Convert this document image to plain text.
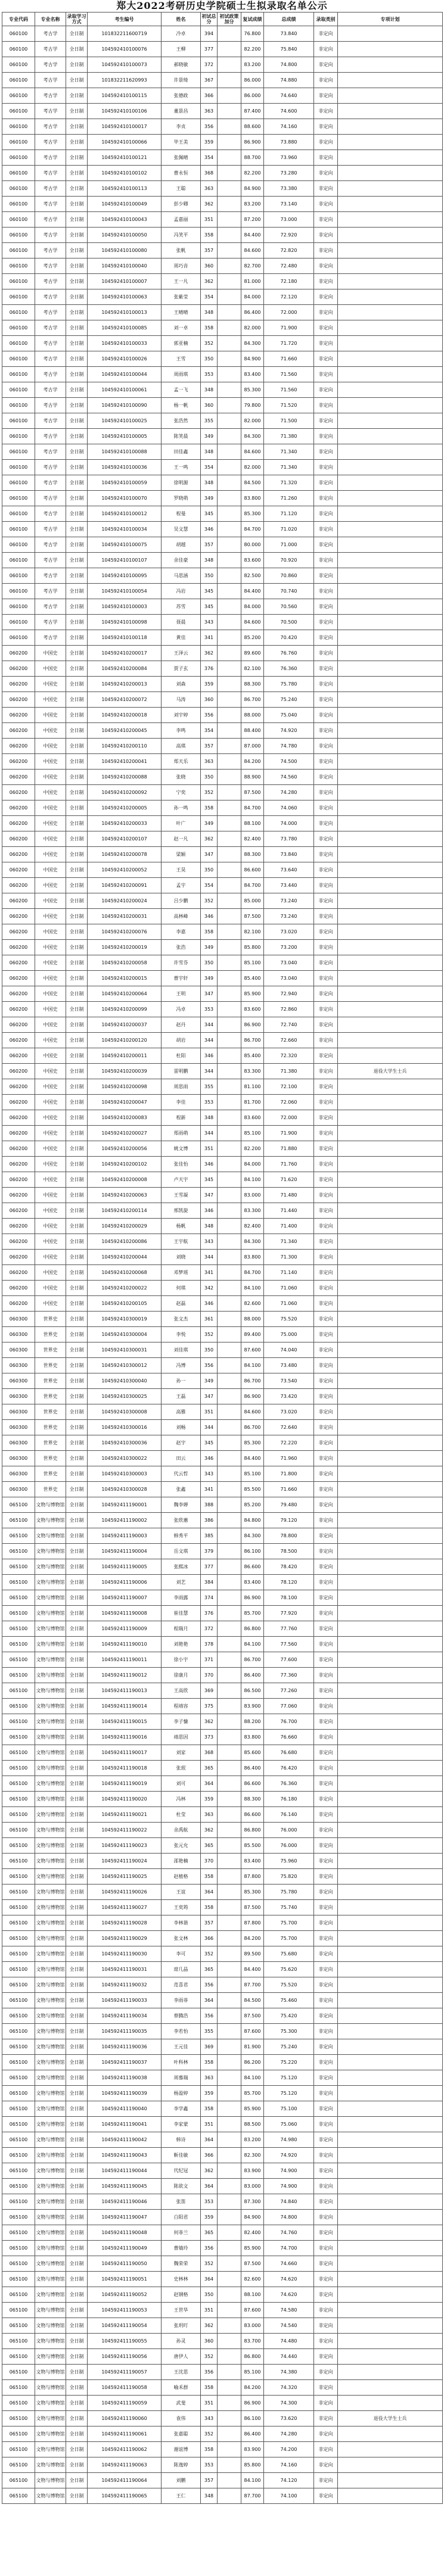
郑大2022考研历史学院硕士生拟录取名单公示
专业代码	专业名称	录取学习方式	考生编号	姓名	初试总分	初试政策加分	复试成绩	总成绩	录取类别	专项计划
060100	考古学	全日制	101832211600719	冷卓	394		76.800	73.840	非定向	
060100	考古学	全日制	104592410100076	王柳	377		82.200	75.840	非定向	
060100	考古学	全日制	104592410100073	郝晓敏	372		83.200	74.800	非定向	
060100	考古学	全日制	101832211620993	许景绮	367		86.000	74.880	非定向	
060100	考古学	全日制	104592410100115	张德政	366		86.000	74.640	非定向	
060100	考古学	全日制	104592410100106	董景昌	363		87.400	74.600	非定向	
060100	考古学	全日制	104592410100017	李贞	356		88.600	74.160	非定向	
060100	考古学	全日制	104592410100066	毕王美	359		86.900	73.880	非定向	
060100	考古学	全日制	104592410100121	张佩晴	354		88.700	73.960	非定向	
060100	考古学	全日制	104592410100102	曹永恒	368		82.200	73.280	非定向	
060100	考古学	全日制	104592410100113	王聪	363		84.900	73.380	非定向	
060100	考古学	全日制	104592410100049	彭少卿	362		83.200	73.140	非定向	
060100	考古学	全日制	104592410100043	孟嘉丽	351		87.200	73.000	非定向	
060100	考古学	全日制	104592410100050	冯笑平	358		84.400	72.920	非定向	
060100	考古学	全日制	104592410100080	张帆	357		84.600	72.820	非定向	
060100	考古学	全日制	104592410100040	周巧音	360		82.700	72.480	非定向	
060100	考古学	全日制	104592410100007	王一凡	362		81.000	72.180	非定向	
060100	考古学	全日制	104592410100063	张紫莹	354		84.000	72.120	非定向	
060100	考古学	全日制	104592410100013	王晴晴	348		86.400	72.000	非定向	
060100	考古学	全日制	104592410100085	刘一卓	358		82.000	71.900	非定向	
060100	考古学	全日制	104592410100033	郭亚楠	352		84.300	71.720	非定向	
060100	考古学	全日制	104592410100026	王雪	350		84.900	71.660	非定向	
060100	考古学	全日制	104592410100044	周雨琪	353		83.400	71.560	非定向	
060100	考古学	全日制	104592410100061	孟一飞	348		85.300	71.560	非定向	
060100	考古学	全日制	104592410100090	杨一帆	360		79.800	71.520	非定向	
060100	考古学	全日制	104592410100025	张浩然	355		82.000	71.500	非定向	
060100	考古学	全日制	104592410100005	陈笑晨	349		84.300	71.380	非定向	
060100	考古学	全日制	104592410100088	田佳鑫	348		84.600	71.340	非定向	
060100	考古学	全日制	104592410100036	王一鸣	354		82.000	71.340	非定向	
060100	考古学	全日制	104592410100059	徐明源	348		84.500	71.320	非定向	
060100	考古学	全日制	104592410100070	罗晓萌	349		83.800	71.260	非定向	
060100	考古学	全日制	104592410100012	程曼	345		85.300	71.120	非定向	
060100	考古学	全日制	104592410100034	吴文慧	346		84.700	71.020	非定向	
060100	考古学	全日制	104592410100075	胡越	357		80.000	71.000	非定向	
060100	考古学	全日制	104592410100107	余佳豪	348		83.600	70.920	非定向	
060100	考古学	全日制	104592410100095	马思涵	350		82.500	70.860	非定向	
060100	考古学	全日制	104592410100054	冯岩	345		84.400	70.740	非定向	
060100	考古学	全日制	104592410100003	苏雪	345		84.000	70.560	非定向	
060100	考古学	全日制	104592410100098	聂晨	343		84.600	70.500	非定向	
060100	考古学	全日制	104592410100118	黄佳	341		85.200	70.420	非定向	
060200	中国史	全日制	104592410200017	王泽云	362		89.600	76.760	非定向	
060200	中国史	全日制	104592410200084	贾子玄	376		82.100	76.360	非定向	
060200	中国史	全日制	104592410200013	刘森	359		88.300	75.780	非定向	
060200	中国史	全日制	104592410200072	马涛	360		86.700	75.240	非定向	
060200	中国史	全日制	104592410200018	刘宇婷	356		88.000	75.040	非定向	
060200	中国史	全日制	104592410200045	李鸣	354		88.400	74.920	非定向	
060200	中国史	全日制	104592410200110	高琪	357		87.000	74.780	非定向	
060200	中国史	全日制	104592410200041	郑天乐	363		84.200	74.500	非定向	
060200	中国史	全日制	104592410200088	张晓	350		88.900	74.560	非定向	
060200	中国史	全日制	104592410200092	宁奕	352		87.500	74.280	非定向	
060200	中国史	全日制	104592410200005	孙一鸣	358		84.700	74.060	非定向	
060200	中国史	全日制	104592410200033	叶广	349		88.100	74.000	非定向	
060200	中国史	全日制	104592410200107	赵一凡	362		82.400	73.780	非定向	
060200	中国史	全日制	104592410200078	梁颖	347		88.300	73.840	非定向	
060200	中国史	全日制	104592410200052	王昊	350		86.600	73.640	非定向	
060200	中国史	全日制	104592410200091	孟宇	354		84.700	73.440	非定向	
060200	中国史	全日制	104592410200024	吕少鹏	352		85.000	73.240	非定向	
060200	中国史	全日制	104592410200031	高林峰	346		87.500	73.240	非定向	
060200	中国史	全日制	104592410200076	李嘉	358		82.100	73.020	非定向	
060200	中国史	全日制	104592410200019	张浩	349		85.800	73.200	非定向	
060200	中国史	全日制	104592410200058	许雪芬	350		85.100	73.040	非定向	
060200	中国史	全日制	104592410200015	曹宇轩	349		85.400	73.040	非定向	
060200	中国史	全日制	104592410200064	王明	347		85.900	72.940	非定向	
060200	中国史	全日制	104592410200099	冯卓	353		83.600	72.860	非定向	
060200	中国史	全日制	104592410200037	赵丹	344		86.900	72.740	非定向	
060200	中国史	全日制	104592410200120	胡岩	344		86.700	72.660	非定向	
060200	中国史	全日制	104592410200011	杜阳	346		85.400	72.320	非定向	
060200	中国史	全日制	104592410200039	雷明鹏	344		83.300	71.380	非定向	退役大学生士兵
060200	中国史	全日制	104592410200098	周思雨	355		81.100	72.100	非定向	
060200	中国史	全日制	104592410200047	李佳	353		81.700	72.060	非定向	
060200	中国史	全日制	104592410200083	程新	348		83.600	72.000	非定向	
060200	中国史	全日制	104592410200027	郑雨萌	344		85.100	71.900	非定向	
060200	中国史	全日制	104592410200056	姚文博	351		82.200	71.880	非定向	
060200	中国史	全日制	104592410200102	张佳怡	346		84.000	71.760	非定向	
060200	中国史	全日制	104592410200008	卢天宇	345		84.100	71.620	非定向	
060200	中国史	全日制	104592410200063	王雪凝	347		83.000	71.480	非定向	
060200	中国史	全日制	104592410200114	邢凯旋	346		83.300	71.440	非定向	
060200	中国史	全日制	104592410200029	杨帆	348		82.400	71.400	非定向	
060200	中国史	全日制	104592410200086	王宇航	343		84.300	71.340	非定向	
060200	中国史	全日制	104592410200044	刘晓	344		83.800	71.300	非定向	
060200	中国史	全日制	104592410200068	邓梦瑶	341		84.700	71.140	非定向	
060200	中国史	全日制	104592410200022	何琪	342		84.100	71.060	非定向	
060200	中国史	全日制	104592410200105	赵磊	346		82.600	71.060	非定向	
060300	世界史	全日制	104592410300019	张文杰	361		88.000	75.520	非定向	
060300	世界史	全日制	104592410300004	李悦	352		89.400	75.000	非定向	
060300	世界史	全日制	104592410300031	刘佳琪	350		87.600	74.040	非定向	
060300	世界史	全日制	104592410300012	冯博	356		84.100	73.480	非定向	
060300	世界史	全日制	104592410300040	孙一	349		86.700	73.540	非定向	
060300	世界史	全日制	104592410300025	王磊	347		86.900	73.420	非定向	
060300	世界史	全日制	104592410300008	高雅	351		84.600	73.020	非定向	
060300	世界史	全日制	104592410300016	刘畅	344		86.700	72.640	非定向	
060300	世界史	全日制	104592410300036	赵宇	345		85.300	72.220	非定向	
060300	世界史	全日制	104592410300022	田云	346		84.400	71.960	非定向	
060300	世界史	全日制	104592410300003	代云哲	343		85.100	71.800	非定向	
060300	世界史	全日制	104592410300028	张鑫	341		85.500	71.660	非定向	
065100	文物与博物馆	全日制	104592411190001	魏李婵	388		85.200	79.480	非定向	
065100	文物与博物馆	全日制	104592411190002	张欣蕙	386		84.800	79.120	非定向	
065100	文物与博物馆	全日制	104592411190003	韩秀平	385		84.300	78.800	非定向	
065100	文物与博物馆	全日制	104592411190004	岳文琪	379		86.100	78.500	非定向	
065100	文物与博物馆	全日制	104592411190005	张熙冰	377		86.600	78.420	非定向	
065100	文物与博物馆	全日制	104592411190006	刘艺	384		83.400	78.120	非定向	
065100	文物与博物馆	全日制	104592411190007	李雨露	374		86.900	78.100	非定向	
065100	文物与博物馆	全日制	104592411190008	崔佳慧	376		85.700	77.920	非定向	
065100	文物与博物馆	全日制	104592411190009	程瑞月	372		86.800	77.760	非定向	
065100	文物与博物馆	全日制	104592411190010	刘艳艳	378		84.100	77.560	非定向	
065100	文物与博物馆	全日制	104592411190011	徐小宇	371		86.700	77.600	非定向	
065100	文物与博物馆	全日制	104592411190012	徐康月	370		86.400	77.360	非定向	
065100	文物与博物馆	全日制	104592411190013	王高欣	369		86.500	77.260	非定向	
065100	文物与博物馆	全日制	104592411190014	程靖容	375		83.900	77.060	非定向	
065100	文物与博物馆	全日制	104592411190015	李子慷	362		88.200	76.700	非定向	
065100	文物与博物馆	全日制	104592411190016	靖思因	373		83.800	76.660	非定向	
065100	文物与博物馆	全日制	104592411190017	刘家	368		85.600	76.680	非定向	
065100	文物与博物馆	全日制	104592411190018	张珉	365		86.400	76.420	非定向	
065100	文物与博物馆	全日制	104592411190019	刘可	364		86.600	76.360	非定向	
065100	文物与博物馆	全日制	104592411190020	冯林	359		88.300	76.180	非定向	
065100	文物与博物馆	全日制	104592411190021	杜莹	363		86.600	76.140	非定向	
065100	文物与博物馆	全日制	104592411190022	余禹航	362		86.800	76.000	非定向	
065100	文物与博物馆	全日制	104592411190023	张元允	365		85.500	76.000	非定向	
065100	文物与博物馆	全日制	104592411190024	邵艳楠	370		83.400	75.960	非定向	
065100	文物与博物馆	全日制	104592411190025	赵植格	358		87.800	75.820	非定向	
065100	文物与博物馆	全日制	104592411190026	王谊	364		85.300	75.780	非定向	
065100	文物与博物馆	全日制	104592411190027	王奕筠	358		87.500	75.740	非定向	
065100	文物与博物馆	全日制	104592411190028	李林谐	357		87.800	75.700	非定向	
065100	文物与博物馆	全日制	104592411190029	张文林	366		84.200	75.700	非定向	
065100	文物与博物馆	全日制	104592411190030	李可	352		89.500	75.680	非定向	
065100	文物与博物馆	全日制	104592411190031	席几晶	365		84.400	75.620	非定向	
065100	文物与博物馆	全日制	104592411190032	范喜君	356		87.700	75.520	非定向	
065100	文物与博物馆	全日制	104592411190033	李雨菲	364		84.500	75.460	非定向	
065100	文物与博物馆	全日制	104592411190034	蔡腾浩	356		87.500	75.420	非定向	
065100	文物与博物馆	全日制	104592411190035	李若怡	355		87.600	75.300	非定向	
065100	文物与博物馆	全日制	104592411190036	王元佳	369		81.900	75.240	非定向	
065100	文物与博物馆	全日制	104592411190037	叶科林	358		86.200	75.220	非定向	
065100	文物与博物馆	全日制	104592411190038	周慕瑞	363		84.100	75.120	非定向	
065100	文物与博物馆	全日制	104592411190039	杨盈婷	359		85.700	75.120	非定向	
065100	文物与博物馆	全日制	104592411190040	李学鑫	358		85.900	75.100	非定向	
065100	文物与博物馆	全日制	104592411190041	李家蒙	351		88.500	75.060	非定向	
065100	文物与博物馆	全日制	104592411190042	韩诗	364		83.200	74.980	非定向	
065100	文物与博物馆	全日制	104592411190043	靳佳敏	366		82.300	74.920	非定向	
065100	文物与博物馆	全日制	104592411190044	代纪冠	362		83.900	74.900	非定向	
065100	文物与博物馆	全日制	104592411190045	陈欲文	364		83.000	74.900	非定向	
065100	文物与博物馆	全日制	104592411190046	张笛	353		87.300	74.840	非定向	
065100	文物与博物馆	全日制	104592411190047	白阳君	359		84.900	74.800	非定向	
065100	文物与博物馆	全日制	104592411190048	何菲兰	365		82.400	74.760	非定向	
065100	文物与博物馆	全日制	104592411190049	曹婧玲	356		85.900	74.700	非定向	
065100	文物与博物馆	全日制	104592411190050	魏荣荣	352		87.500	74.660	非定向	
065100	文物与博物馆	全日制	104592411190051	史林林	364		82.600	74.620	非定向	
065100	文物与博物馆	全日制	104592411190052	赵钢格	350		88.100	74.620	非定向	
065100	文物与博物馆	全日制	104592411190053	王世华	351		87.600	74.580	非定向	
065100	文物与博物馆	全日制	104592411190054	张玥叮	362		83.000	74.540	非定向	
065100	文物与博物馆	全日制	104592411190055	孙灵	360		83.700	74.480	非定向	
065100	文物与博物馆	全日制	104592411190056	唐伊人	352		86.800	74.440	非定向	
065100	文物与博物馆	全日制	104592411190057	王沈思	356		85.100	74.380	非定向	
065100	文物与博物馆	全日制	104592411190058	喻禾群	358		84.200	74.320	非定向	
065100	文物与博物馆	全日制	104592411190059	武斐	351		86.900	74.300	非定向	
065100	文物与博物馆	全日制	104592411190060	袁伟	343		86.100	73.620	非定向	退役大学生士兵
065100	文物与博物馆	全日制	104592411190061	张嘉聪	352		86.400	74.280	非定向	
065100	文物与博物馆	全日制	104592411190062	谢谊博	358		83.900	74.200	非定向	
065100	文物与博物馆	全日制	104592411190063	陈逸婷	353		85.800	74.160	非定向	
065100	文物与博物馆	全日制	104592411190064	刘鹏	357		84.100	74.120	非定向	
065100	文物与博物馆	全日制	104592411190065	王仁	348		87.700	74.100	非定向	
